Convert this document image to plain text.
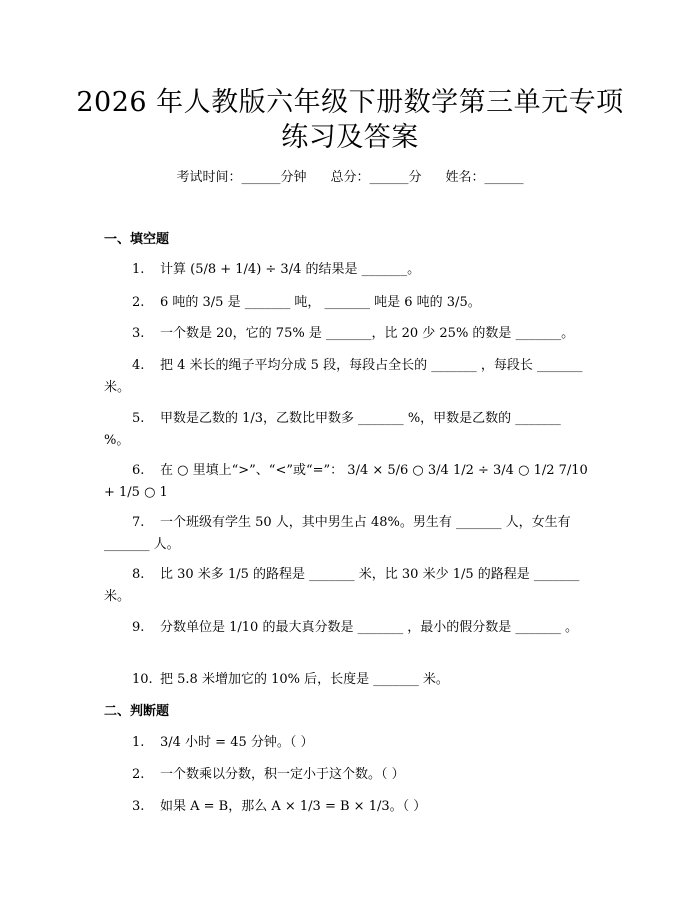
2026 年人教版六年级下册数学第三单元专项
练习及答案
考试时间：______分钟 总分：______分 姓名：______
一、填空题
1. 计算 (5/8 + 1/4) ÷ 3/4 的结果是 _______。
2. 6 吨的 3/5 是 _______ 吨， _______ 吨是 6 吨的 3/5。
3. 一个数是 20，它的 75% 是 _______，比 20 少 25% 的数是 _______。
4. 把 4 米长的绳子平均分成 5 段，每段占全长的 _______ ，每段长 _______ 米。
5. 甲数是乙数的 1/3，乙数比甲数多 _______ %，甲数是乙数的 _______ %。
6. 在 ○ 里填上“>”、“<”或“=”： 3/4 × 5/6 ○ 3/4 1/2 ÷ 3/4 ○ 1/2 7/10 + 1/5 ○ 1
7. 一个班级有学生 50 人，其中男生占 48%。男生有 _______ 人，女生有 _______ 人。
8. 比 30 米多 1/5 的路程是 _______ 米，比 30 米少 1/5 的路程是 _______ 米。
9. 分数单位是 1/10 的最大真分数是 _______ ，最小的假分数是 _______ 。
10. 把 5.8 米增加它的 10% 后，长度是 _______ 米。
二、判断题
1. 3/4 小时 = 45 分钟。（ ）
2. 一个数乘以分数，积一定小于这个数。（ ）
3. 如果 A = B，那么 A × 1/3 = B × 1/3。（ ）
